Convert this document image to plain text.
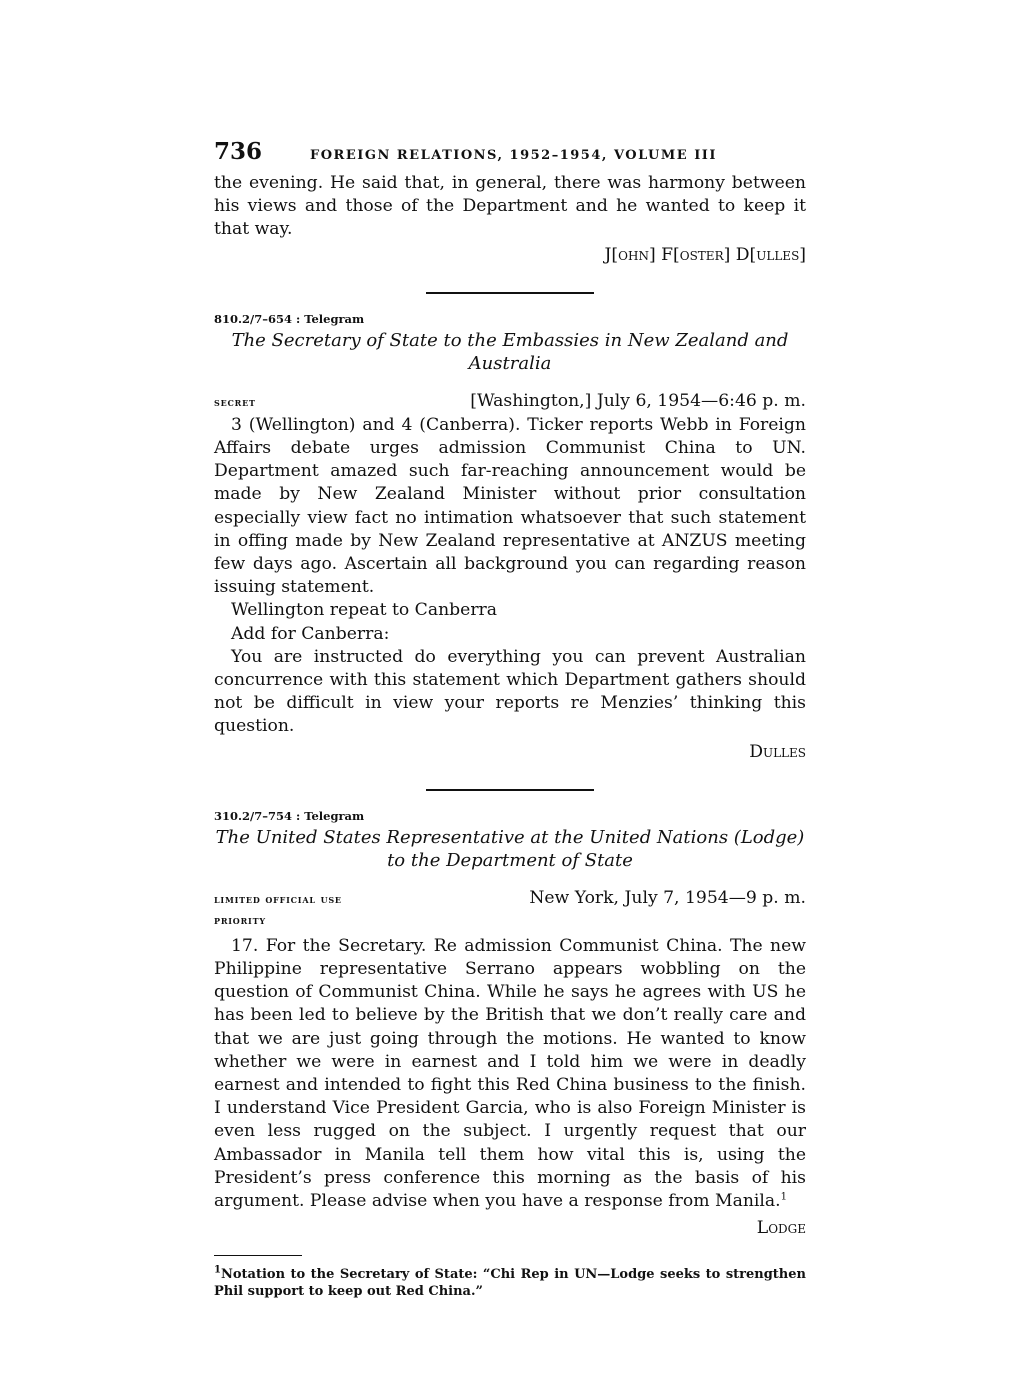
736	FOREIGN RELATIONS, 1952–1954, VOLUME III

the evening. He said that, in general, there was harmony between his views and those of the Department and he wanted to keep it that way.

J[ohn] F[oster] D[ulles]

810.2/7–654 : Telegram

The Secretary of State to the Embassies in New Zealand and Australia

secret	[Washington,] July 6, 1954—6:46 p. m.

3 (Wellington) and 4 (Canberra). Ticker reports Webb in Foreign Affairs debate urges admission Communist China to UN. Department amazed such far-reaching announcement would be made by New Zealand Minister without prior consultation especially view fact no intimation whatsoever that such statement in offing made by New Zealand representative at ANZUS meeting few days ago. Ascertain all background you can regarding reason issuing statement.

Wellington repeat to Canberra

Add for Canberra:

You are instructed do everything you can prevent Australian concurrence with this statement which Department gathers should not be difficult in view your reports re Menzies’ thinking this question.

Dulles

310.2/7–754 : Telegram

The United States Representative at the United Nations (Lodge) to the Department of State

limited official use	New York, July 7, 1954—9 p. m.
priority

17. For the Secretary. Re admission Communist China. The new Philippine representative Serrano appears wobbling on the question of Communist China. While he says he agrees with US he has been led to believe by the British that we don’t really care and that we are just going through the motions. He wanted to know whether we were in earnest and I told him we were in deadly earnest and intended to fight this Red China business to the finish. I understand Vice President Garcia, who is also Foreign Minister is even less rugged on the subject. I urgently request that our Ambassador in Manila tell them how vital this is, using the President’s press conference this morning as the basis of his argument. Please advise when you have a response from Manila.$^1$

Lodge

$^1$Notation to the Secretary of State: “Chi Rep in UN—Lodge seeks to strengthen Phil support to keep out Red China.”
